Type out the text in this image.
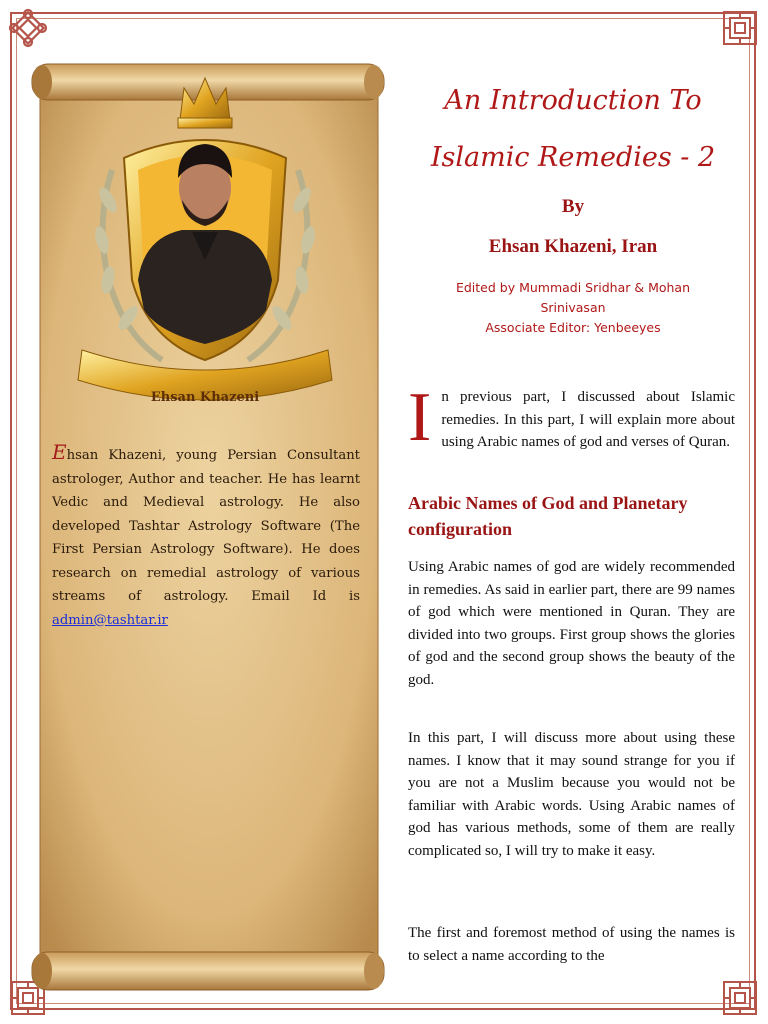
Ehsan Khazeni

Ehsan Khazeni, young Persian Consultant astrologer, Author and teacher. He has learnt Vedic and Medieval astrology. He also developed Tashtar Astrology Software (The First Persian Astrology Software). He does research on remedial astrology of various streams of astrology. Email Id is admin@tashtar.ir

An Introduction To
Islamic Remedies - 2
By
Ehsan Khazeni, Iran
Edited by Mummadi Sridhar & Mohan Srinivasan
Associate Editor: Yenbeeyes

In previous part, I discussed about Islamic remedies. In this part, I will explain more about using Arabic names of god and verses of Quran.

Arabic Names of God and Planetary configuration

Using Arabic names of god are widely recommended in remedies. As said in earlier part, there are 99 names of god which were mentioned in Quran. They are divided into two groups. First group shows the glories of god and the second group shows the beauty of the god.

In this part, I will discuss more about using these names. I know that it may sound strange for you if you are not a Muslim because you would not be familiar with Arabic words. Using Arabic names of god has various methods, some of them are really complicated so, I will try to make it easy.

The first and foremost method of using the names is to select a name according to the
